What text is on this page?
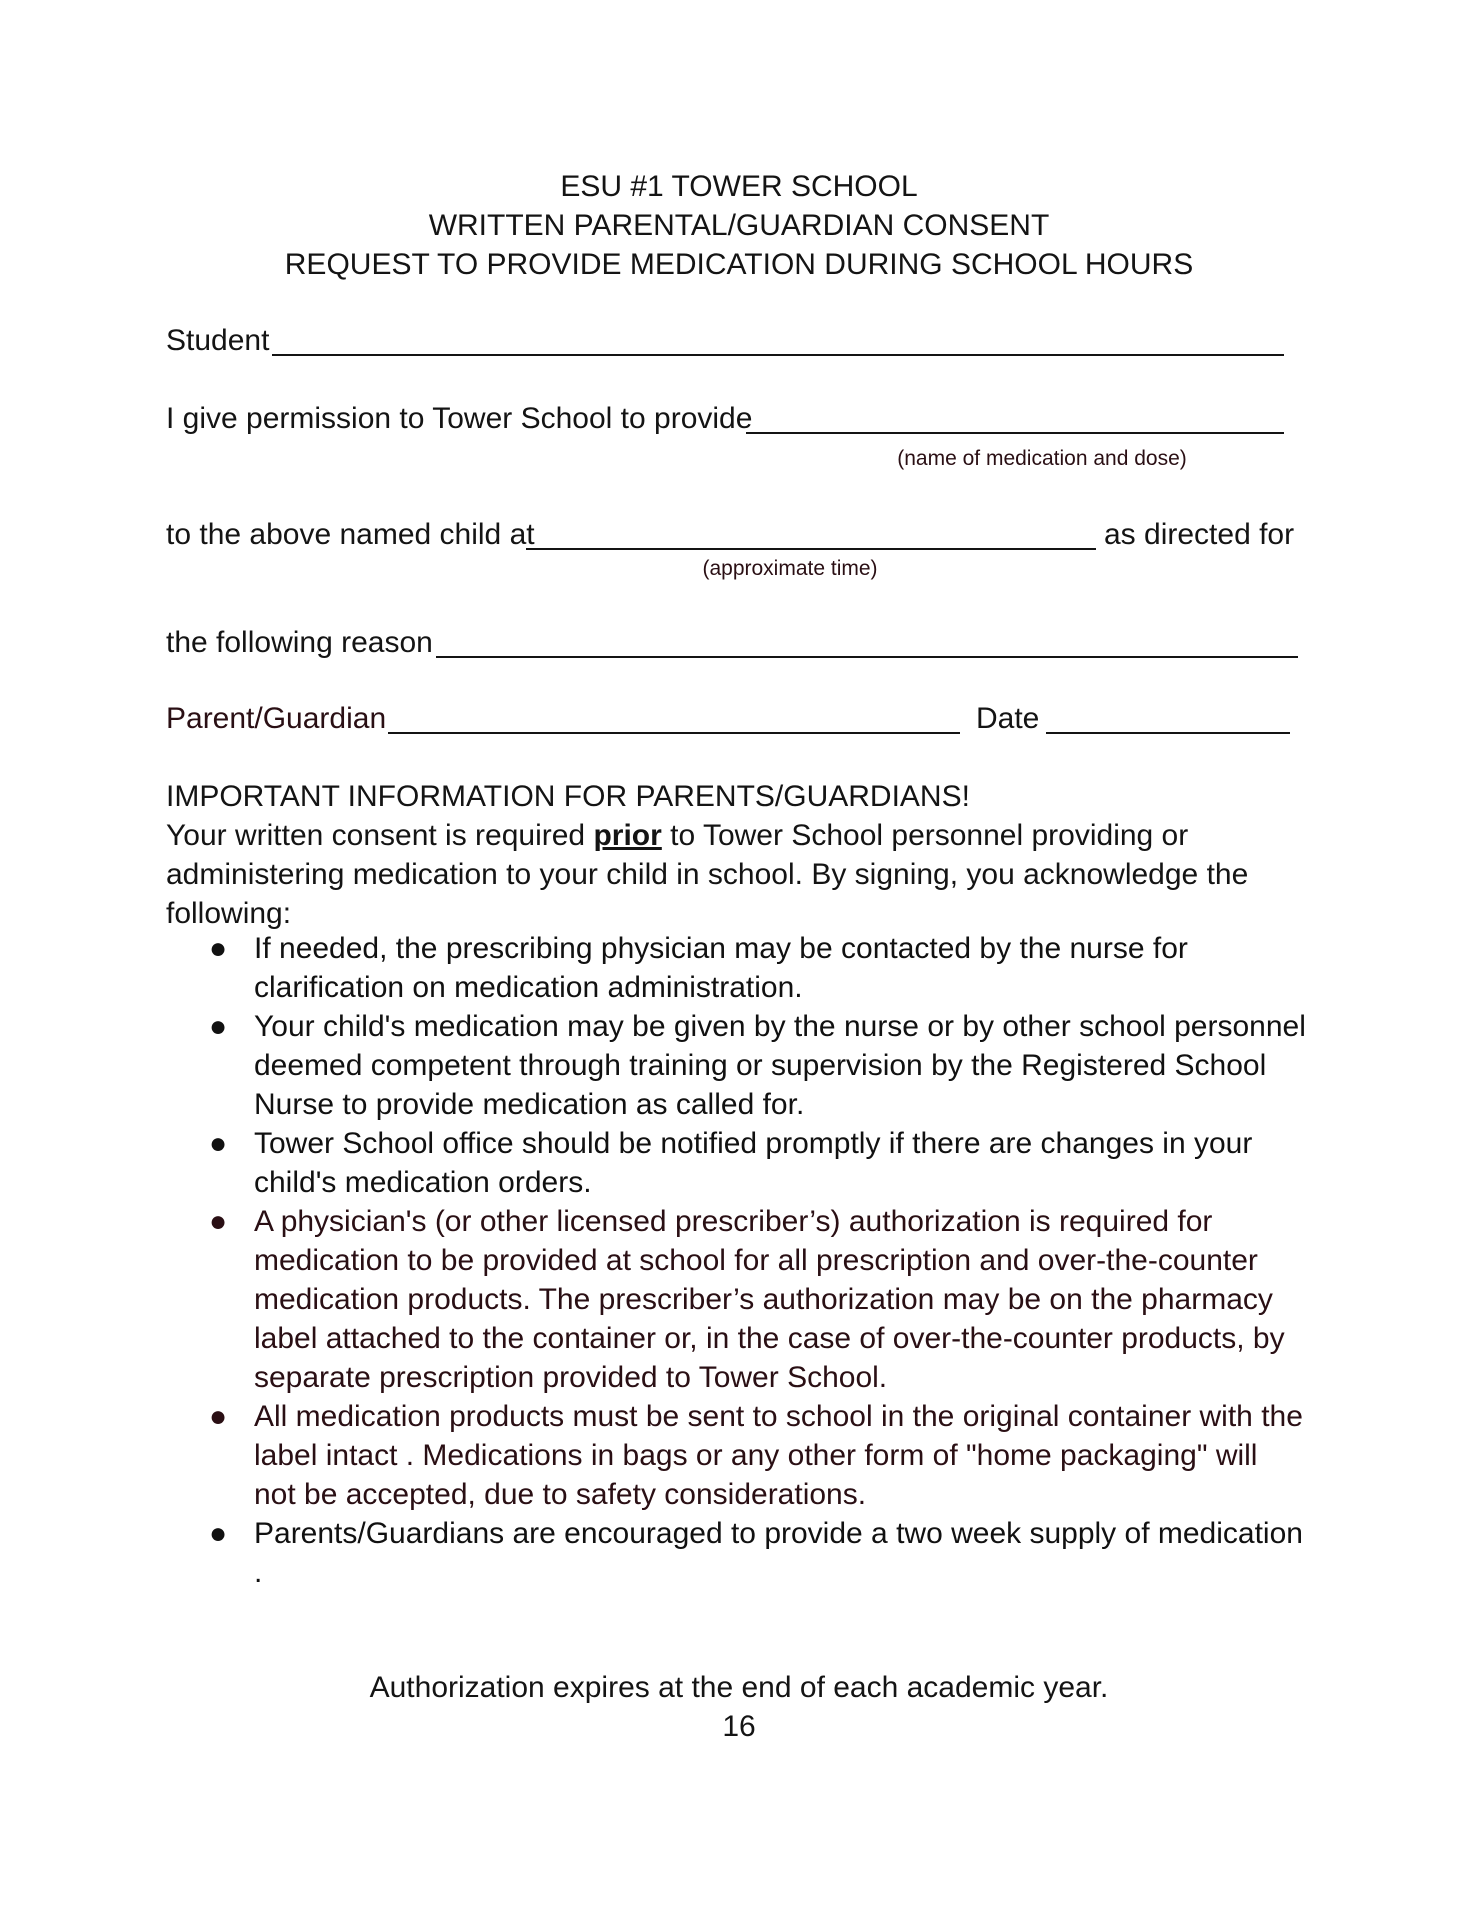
ESU #1 TOWER SCHOOL
WRITTEN PARENTAL/GUARDIAN CONSENT
REQUEST TO PROVIDE MEDICATION DURING SCHOOL HOURS
Student
I give permission to Tower School to provide
(name of medication and dose)
to the above named child at	as directed for
(approximate time)
the following reason
Parent/Guardian	Date

IMPORTANT INFORMATION FOR PARENTS/GUARDIANS!

Your written consent is required prior to Tower School personnel providing or administering medication to your child in school. By signing, you acknowledge the following:

● If needed, the prescribing physician may be contacted by the nurse for clarification on medication administration.
● Your child's medication may be given by the nurse or by other school personnel deemed competent through training or supervision by the Registered School Nurse to provide medication as called for.
● Tower School office should be notified promptly if there are changes in your child's medication orders.
● A physician's (or other licensed prescriber’s) authorization is required for medication to be provided at school for all prescription and over-the-counter medication products. The prescriber’s authorization may be on the pharmacy label attached to the container or, in the case of over-the-counter products, by separate prescription provided to Tower School.
● All medication products must be sent to school in the original container with the label intact . Medications in bags or any other form of "home packaging" will not be accepted, due to safety considerations.
● Parents/Guardians are encouraged to provide a two week supply of medication .
Authorization expires at the end of each academic year.
16
